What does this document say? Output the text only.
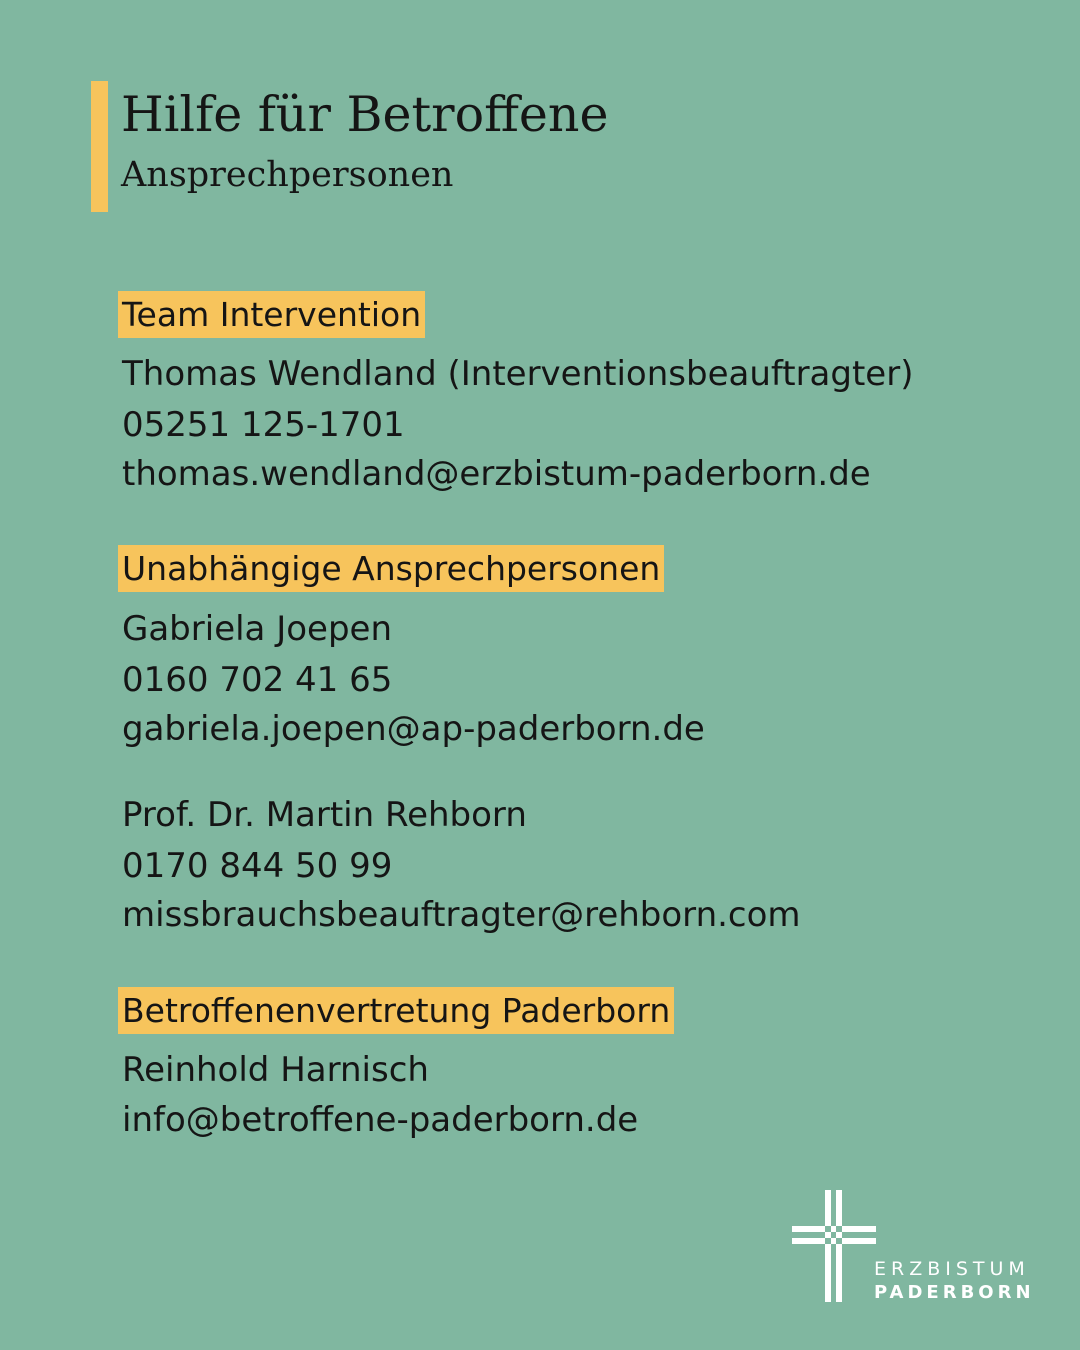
Hilfe für Betroffene
Ansprechpersonen
Team Intervention
Thomas Wendland (Interventionsbeauftragter)
05251 125-1701
thomas.wendland@erzbistum-paderborn.de
Unabhängige Ansprechpersonen
Gabriela Joepen
0160 702 41 65
gabriela.joepen@ap-paderborn.de
Prof. Dr. Martin Rehborn
0170 844 50 99
missbrauchsbeauftragter@rehborn.com
Betroffenenvertretung Paderborn
Reinhold Harnisch
info@betroffene-paderborn.de
ERZBISTUM
PADERBORN
